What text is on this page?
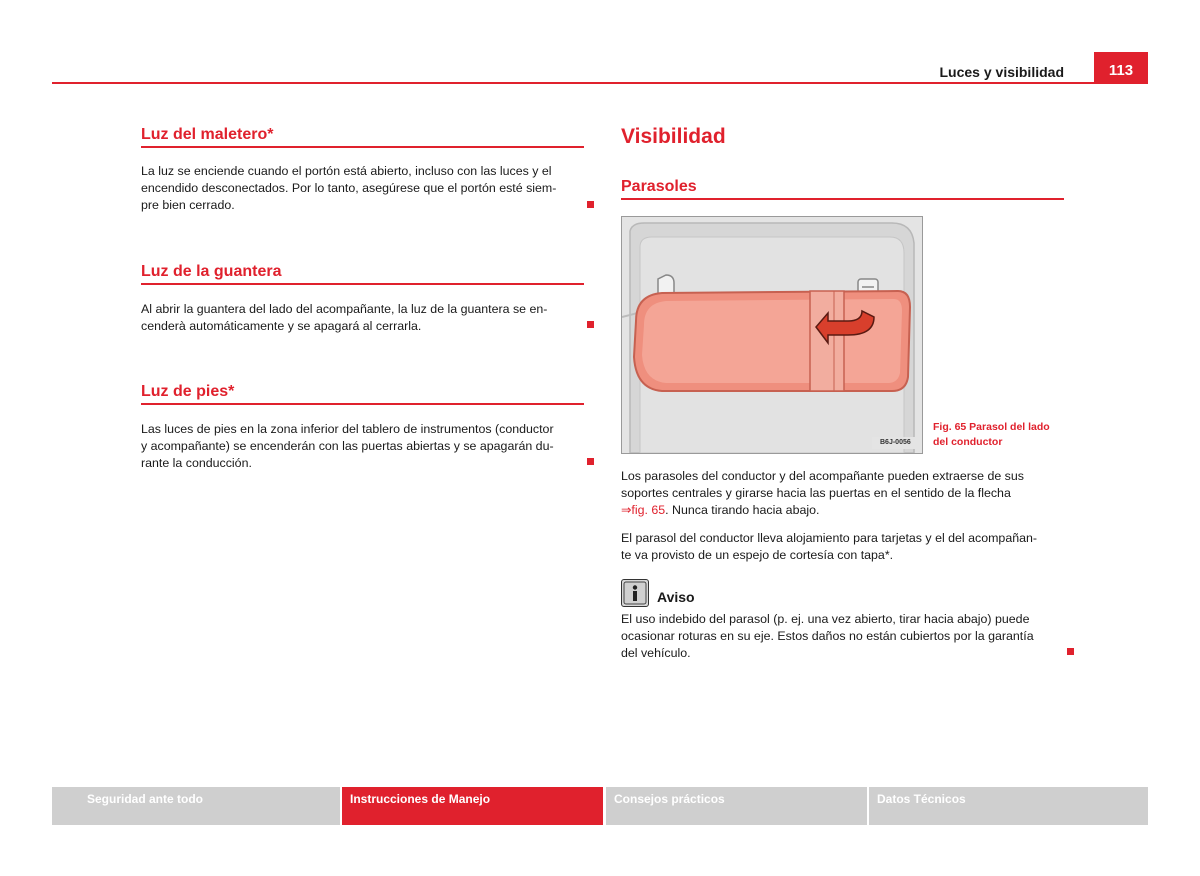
Luces y visibilidad	113
Luz del maletero*

La luz se enciende cuando el portón está abierto, incluso con las luces y el

encendido desconectados. Por lo tanto, asegúrese que el portón esté siem-

pre bien cerrado.

Luz de la guantera

Al abrir la guantera del lado del acompañante, la luz de la guantera se en-

cenderà automáticamente y se apagará al cerrarla.

Luz de pies*

Las luces de pies en la zona inferior del tablero de instrumentos (conductor

y acompañante) se encenderán con las puertas abiertas y se apagarán du-

rante la conducción.

Visibilidad
Parasoles
B6J-0056

Fig. 65 Parasol del lado

del conductor

Los parasoles del conductor y del acompañante pueden extraerse de sus

soportes centrales y girarse hacia las puertas en el sentido de la flecha

⇒fig. 65. Nunca tirando hacia abajo.

El parasol del conductor lleva alojamiento para tarjetas y el del acompañan-

te va provisto de un espejo de cortesía con tapa*.

Aviso

El uso indebido del parasol (p. ej. una vez abierto, tirar hacia abajo) puede

ocasionar roturas en su eje. Estos daños no están cubiertos por la garantía

del vehículo.

Seguridad ante todo	Instrucciones de Manejo	Consejos prácticos	Datos Técnicos
